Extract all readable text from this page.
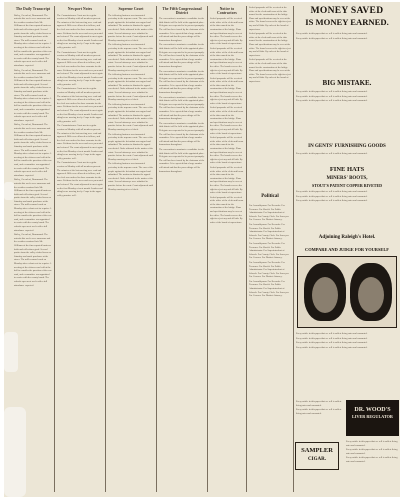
The Daily Transcript

Bailey, Greenleaf, Drummond. The arrivals this week were numerous and the weather remained fair. Mr. Williams of the firm reported business brisk and collections good. Several parties from the valley visited town on Saturday and made purchases at the stores. The mill resumed work on Monday after a short rest for repairs. A meeting of the citizens was held at the hall to consider the question of the new road, and a committee was appointed to confer with the county board. The schools open next week with a full attendance expected.

Bailey, Greenleaf, Drummond. The arrivals this week were numerous and the weather remained fair. Mr. Williams of the firm reported business brisk and collections good. Several parties from the valley visited town on Saturday and made purchases at the stores. The mill resumed work on Monday after a short rest for repairs. A meeting of the citizens was held at the hall to consider the question of the new road, and a committee was appointed to confer with the county board. The schools open next week with a full attendance expected.

Bailey, Greenleaf, Drummond. The arrivals this week were numerous and the weather remained fair. Mr. Williams of the firm reported business brisk and collections good. Several parties from the valley visited town on Saturday and made purchases at the stores. The mill resumed work on Monday after a short rest for repairs. A meeting of the citizens was held at the hall to consider the question of the new road, and a committee was appointed to confer with the county board. The schools open next week with a full attendance expected.

Bailey, Greenleaf, Drummond. The arrivals this week were numerous and the weather remained fair. Mr. Williams of the firm reported business brisk and collections good. Several parties from the valley visited town on Saturday and made purchases at the stores. The mill resumed work on Monday after a short rest for repairs. A meeting of the citizens was held at the hall to consider the question of the new road, and a committee was appointed to confer with the county board. The schools open next week with a full attendance expected.

Bailey, Greenleaf, Drummond. The arrivals this week were numerous and the weather remained fair. Mr. Williams of the firm reported business brisk and collections good. Several parties from the valley visited town on Saturday and made purchases at the stores. The mill resumed work on Monday after a short rest for repairs. A meeting of the citizens was held at the hall to consider the question of the new road, and a committee was appointed to confer with the county board. The schools open next week with a full attendance expected.

Newport Notes

The Commissioners Court met in regular session on Monday with all members present. The minutes of the last meeting were read and approved. Bills were allowed as follows, and the clerk was ordered to draw warrants for the same. Petitions for the new road were presented and referred. The court adjourned to meet again on the first Monday of next month. Lumber and shingles are moving freely. Crops in the upper valley promise well.

The Commissioners Court met in regular session on Monday with all members present. The minutes of the last meeting were read and approved. Bills were allowed as follows, and the clerk was ordered to draw warrants for the same. Petitions for the new road were presented and referred. The court adjourned to meet again on the first Monday of next month. Lumber and shingles are moving freely. Crops in the upper valley promise well.

The Commissioners Court met in regular session on Monday with all members present. The minutes of the last meeting were read and approved. Bills were allowed as follows, and the clerk was ordered to draw warrants for the same. Petitions for the new road were presented and referred. The court adjourned to meet again on the first Monday of next month. Lumber and shingles are moving freely. Crops in the upper valley promise well.

The Commissioners Court met in regular session on Monday with all members present. The minutes of the last meeting were read and approved. Bills were allowed as follows, and the clerk was ordered to draw warrants for the same. Petitions for the new road were presented and referred. The court adjourned to meet again on the first Monday of next month. Lumber and shingles are moving freely. Crops in the upper valley promise well.

The Commissioners Court met in regular session on Monday with all members present. The minutes of the last meeting were read and approved. Bills were allowed as follows, and the clerk was ordered to draw warrants for the same. Petitions for the new road were presented and referred. The court adjourned to meet again on the first Monday of next month. Lumber and shingles are moving freely. Crops in the upper valley promise well.

Supreme Court

The following business was transacted yesterday in the supreme court. The case of the people against the defendant was argued and submitted. The motion to dismiss the appeal was denied. Order affirmed in the matter of the estate. Several attorneys were admitted to practice before the court. Court adjourned until Monday morning at ten o'clock.

The following business was transacted yesterday in the supreme court. The case of the people against the defendant was argued and submitted. The motion to dismiss the appeal was denied. Order affirmed in the matter of the estate. Several attorneys were admitted to practice before the court. Court adjourned until Monday morning at ten o'clock.

The following business was transacted yesterday in the supreme court. The case of the people against the defendant was argued and submitted. The motion to dismiss the appeal was denied. Order affirmed in the matter of the estate. Several attorneys were admitted to practice before the court. Court adjourned until Monday morning at ten o'clock.

The following business was transacted yesterday in the supreme court. The case of the people against the defendant was argued and submitted. The motion to dismiss the appeal was denied. Order affirmed in the matter of the estate. Several attorneys were admitted to practice before the court. Court adjourned until Monday morning at ten o'clock.

The following business was transacted yesterday in the supreme court. The case of the people against the defendant was argued and submitted. The motion to dismiss the appeal was denied. Order affirmed in the matter of the estate. Several attorneys were admitted to practice before the court. Court adjourned until Monday morning at ten o'clock.

The following business was transacted yesterday in the supreme court. The case of the people against the defendant was argued and submitted. The motion to dismiss the appeal was denied. Order affirmed in the matter of the estate. Several attorneys were admitted to practice before the court. Court adjourned until Monday morning at ten o'clock.

The Fifth Congressional District

The convention to nominate a candidate for the fifth district will be held at the appointed place. Delegates are requested to be present promptly. The call has been issued by the chairman of the committee. It is expected that a large number will attend and that the proceedings will be harmonious throughout.

The convention to nominate a candidate for the fifth district will be held at the appointed place. Delegates are requested to be present promptly. The call has been issued by the chairman of the committee. It is expected that a large number will attend and that the proceedings will be harmonious throughout.

The convention to nominate a candidate for the fifth district will be held at the appointed place. Delegates are requested to be present promptly. The call has been issued by the chairman of the committee. It is expected that a large number will attend and that the proceedings will be harmonious throughout.

The convention to nominate a candidate for the fifth district will be held at the appointed place. Delegates are requested to be present promptly. The call has been issued by the chairman of the committee. It is expected that a large number will attend and that the proceedings will be harmonious throughout.

The convention to nominate a candidate for the fifth district will be held at the appointed place. Delegates are requested to be present promptly. The call has been issued by the chairman of the committee. It is expected that a large number will attend and that the proceedings will be harmonious throughout.

The convention to nominate a candidate for the fifth district will be held at the appointed place. Delegates are requested to be present promptly. The call has been issued by the chairman of the committee. It is expected that a large number will attend and that the proceedings will be harmonious throughout.

Notice to Contractors

Sealed proposals will be received at the office of the clerk until noon of the date named for the construction of the bridge. Plans and specifications may be seen at the office. The board reserves the right to reject any and all bids. By order of the board of supervisors.

Sealed proposals will be received at the office of the clerk until noon of the date named for the construction of the bridge. Plans and specifications may be seen at the office. The board reserves the right to reject any and all bids. By order of the board of supervisors.

Sealed proposals will be received at the office of the clerk until noon of the date named for the construction of the bridge. Plans and specifications may be seen at the office. The board reserves the right to reject any and all bids. By order of the board of supervisors.

Sealed proposals will be received at the office of the clerk until noon of the date named for the construction of the bridge. Plans and specifications may be seen at the office. The board reserves the right to reject any and all bids. By order of the board of supervisors.

Sealed proposals will be received at the office of the clerk until noon of the date named for the construction of the bridge. Plans and specifications may be seen at the office. The board reserves the right to reject any and all bids. By order of the board of supervisors.

Sealed proposals will be received at the office of the clerk until noon of the date named for the construction of the bridge. Plans and specifications may be seen at the office. The board reserves the right to reject any and all bids. By order of the board of supervisors.

Sealed proposals will be received at the office of the clerk until noon of the date named for the construction of the bridge. Plans and specifications may be seen at the office. The board reserves the right to reject any and all bids. By order of the board of supervisors.

Sealed proposals will be received at the office of the clerk until noon of the date named for the construction of the bridge. Plans and specifications may be seen at the office. The board reserves the right to reject any and all bids. By order of the board of supervisors.

Sealed proposals will be received at the office of the clerk until noon of the date named for the construction of the bridge. Plans and specifications may be seen at the office. The board reserves the right to reject any and all bids. By order of the board of supervisors.

Sealed proposals will be received at the office of the clerk until noon of the date named for the construction of the bridge. Plans and specifications may be seen at the office. The board reserves the right to reject any and all bids. By order of the board of supervisors.

Political

For Assemblyman. For Recorder. For Treasurer. For Sheriff. For Public Administrator. For Superintendent of Schools. For County Clerk. For Surveyor. For Coroner. For District Attorney.

For Assemblyman. For Recorder. For Treasurer. For Sheriff. For Public Administrator. For Superintendent of Schools. For County Clerk. For Surveyor. For Coroner. For District Attorney.

For Assemblyman. For Recorder. For Treasurer. For Sheriff. For Public Administrator. For Superintendent of Schools. For County Clerk. For Surveyor. For Coroner. For District Attorney.

For Assemblyman. For Recorder. For Treasurer. For Sheriff. For Public Administrator. For Superintendent of Schools. For County Clerk. For Surveyor. For Coroner. For District Attorney.

For Assemblyman. For Recorder. For Treasurer. For Sheriff. For Public Administrator. For Superintendent of Schools. For County Clerk. For Surveyor. For Coroner. For District Attorney.

MONEY SAVED
IS MONEY EARNED.

Every article in this paper that we sell is sold at living rates and warranted.

Every article in this paper that we sell is sold at living rates and warranted.

BIG MISTAKE.

Every article in this paper that we sell is sold at living rates and warranted.

Every article in this paper that we sell is sold at living rates and warranted.

Every article in this paper that we sell is sold at living rates and warranted.

IN GENTS' FURNISHING GOODS

Every article in this paper that we sell is sold at living rates and warranted.

FINE HATS
MINERS' BOOTS,
STOUT'S PATENT COPPER RIVETED

Every article in this paper that we sell is sold at living rates and warranted.

Every article in this paper that we sell is sold at living rates and warranted.

Every article in this paper that we sell is sold at living rates and warranted.

Adjoining Raleigh's Hotel.
COMPARE AND JUDGE FOR YOURSELF

Every article in this paper that we sell is sold at living rates and warranted.

Every article in this paper that we sell is sold at living rates and warranted.

Every article in this paper that we sell is sold at living rates and warranted.

Every article in this paper that we sell is sold at living rates and warranted.

Every article in this paper that we sell is sold at living rates and warranted.

Every article in this paper that we sell is sold at living rates and warranted.

DR. WOOD'S
LIVER REGULATOR
SAMPLER
CIGAR.

Every article in this paper that we sell is sold at living rates and warranted.

Every article in this paper that we sell is sold at living rates and warranted.

Every article in this paper that we sell is sold at living rates and warranted.
